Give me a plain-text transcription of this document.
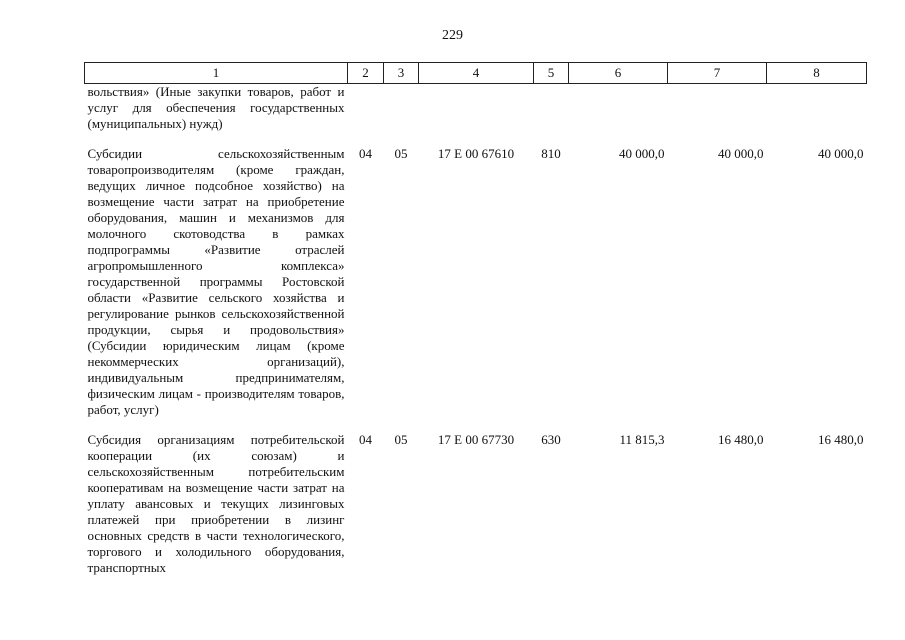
229
1	2	3	4	5	6	7	8

вольствия» (Иные закупки товаров, работ и услуг для обеспечения государственных (муниципальных) нужд)							

Субсидии сельскохозяйственным товаропроизводителям (кроме граждан, ведущих личное подсобное хозяйство) на возмещение части затрат на приобретение оборудования, машин и механизмов для молочного скотоводства в рамках подпрограммы «Развитие отраслей агропромышленного комплекса» государственной программы Ростовской области «Развитие сельского хозяйства и регулирование рынков сельскохозяйственной продукции, сырья и продовольствия» (Субсидии юридическим лицам (кроме некоммерческих организаций), индивидуальным предпринимателям, физическим лицам - производителям товаров, работ, услуг)	04	05	17 Е 00 67610	810	40 000,0	40 000,0	40 000,0

Субсидия организациям потребительской кооперации (их союзам) и сельскохозяйственным потребительским кооперативам на возмещение части затрат на уплату авансовых и текущих лизинговых платежей при приобретении в лизинг основных средств в части технологического, торгового и холодильного оборудования, транспортных	04	05	17 Е 00 67730	630	11 815,3	16 480,0	16 480,0
